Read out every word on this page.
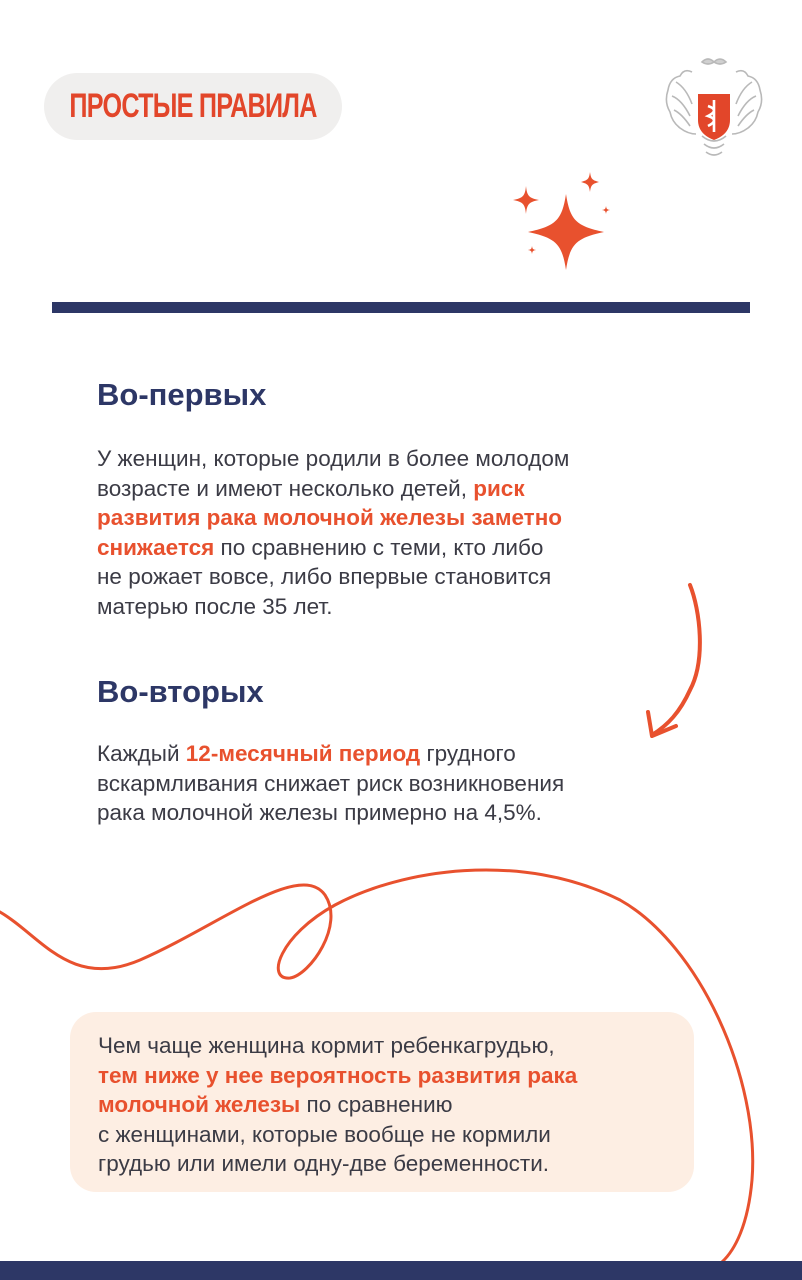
ПРОСТЫЕ ПРАВИЛА
Во-первых

У женщин, которые родили в более молодом
возрасте и имеют несколько детей, риск
развития рака молочной железы заметно
снижается по сравнению с теми, кто либо
не рожает вовсе, либо впервые становится
матерью после 35 лет.

Во-вторых

Каждый 12-месячный период грудного
вскармливания снижает риск возникновения
рака молочной железы примерно на 4,5%.

Чем чаще женщина кормит ребенкагрудью,
тем ниже у нее вероятность развития рака
молочной железы по сравнению
с женщинами, которые вообще не кормили
грудью или имели одну-две беременности.
